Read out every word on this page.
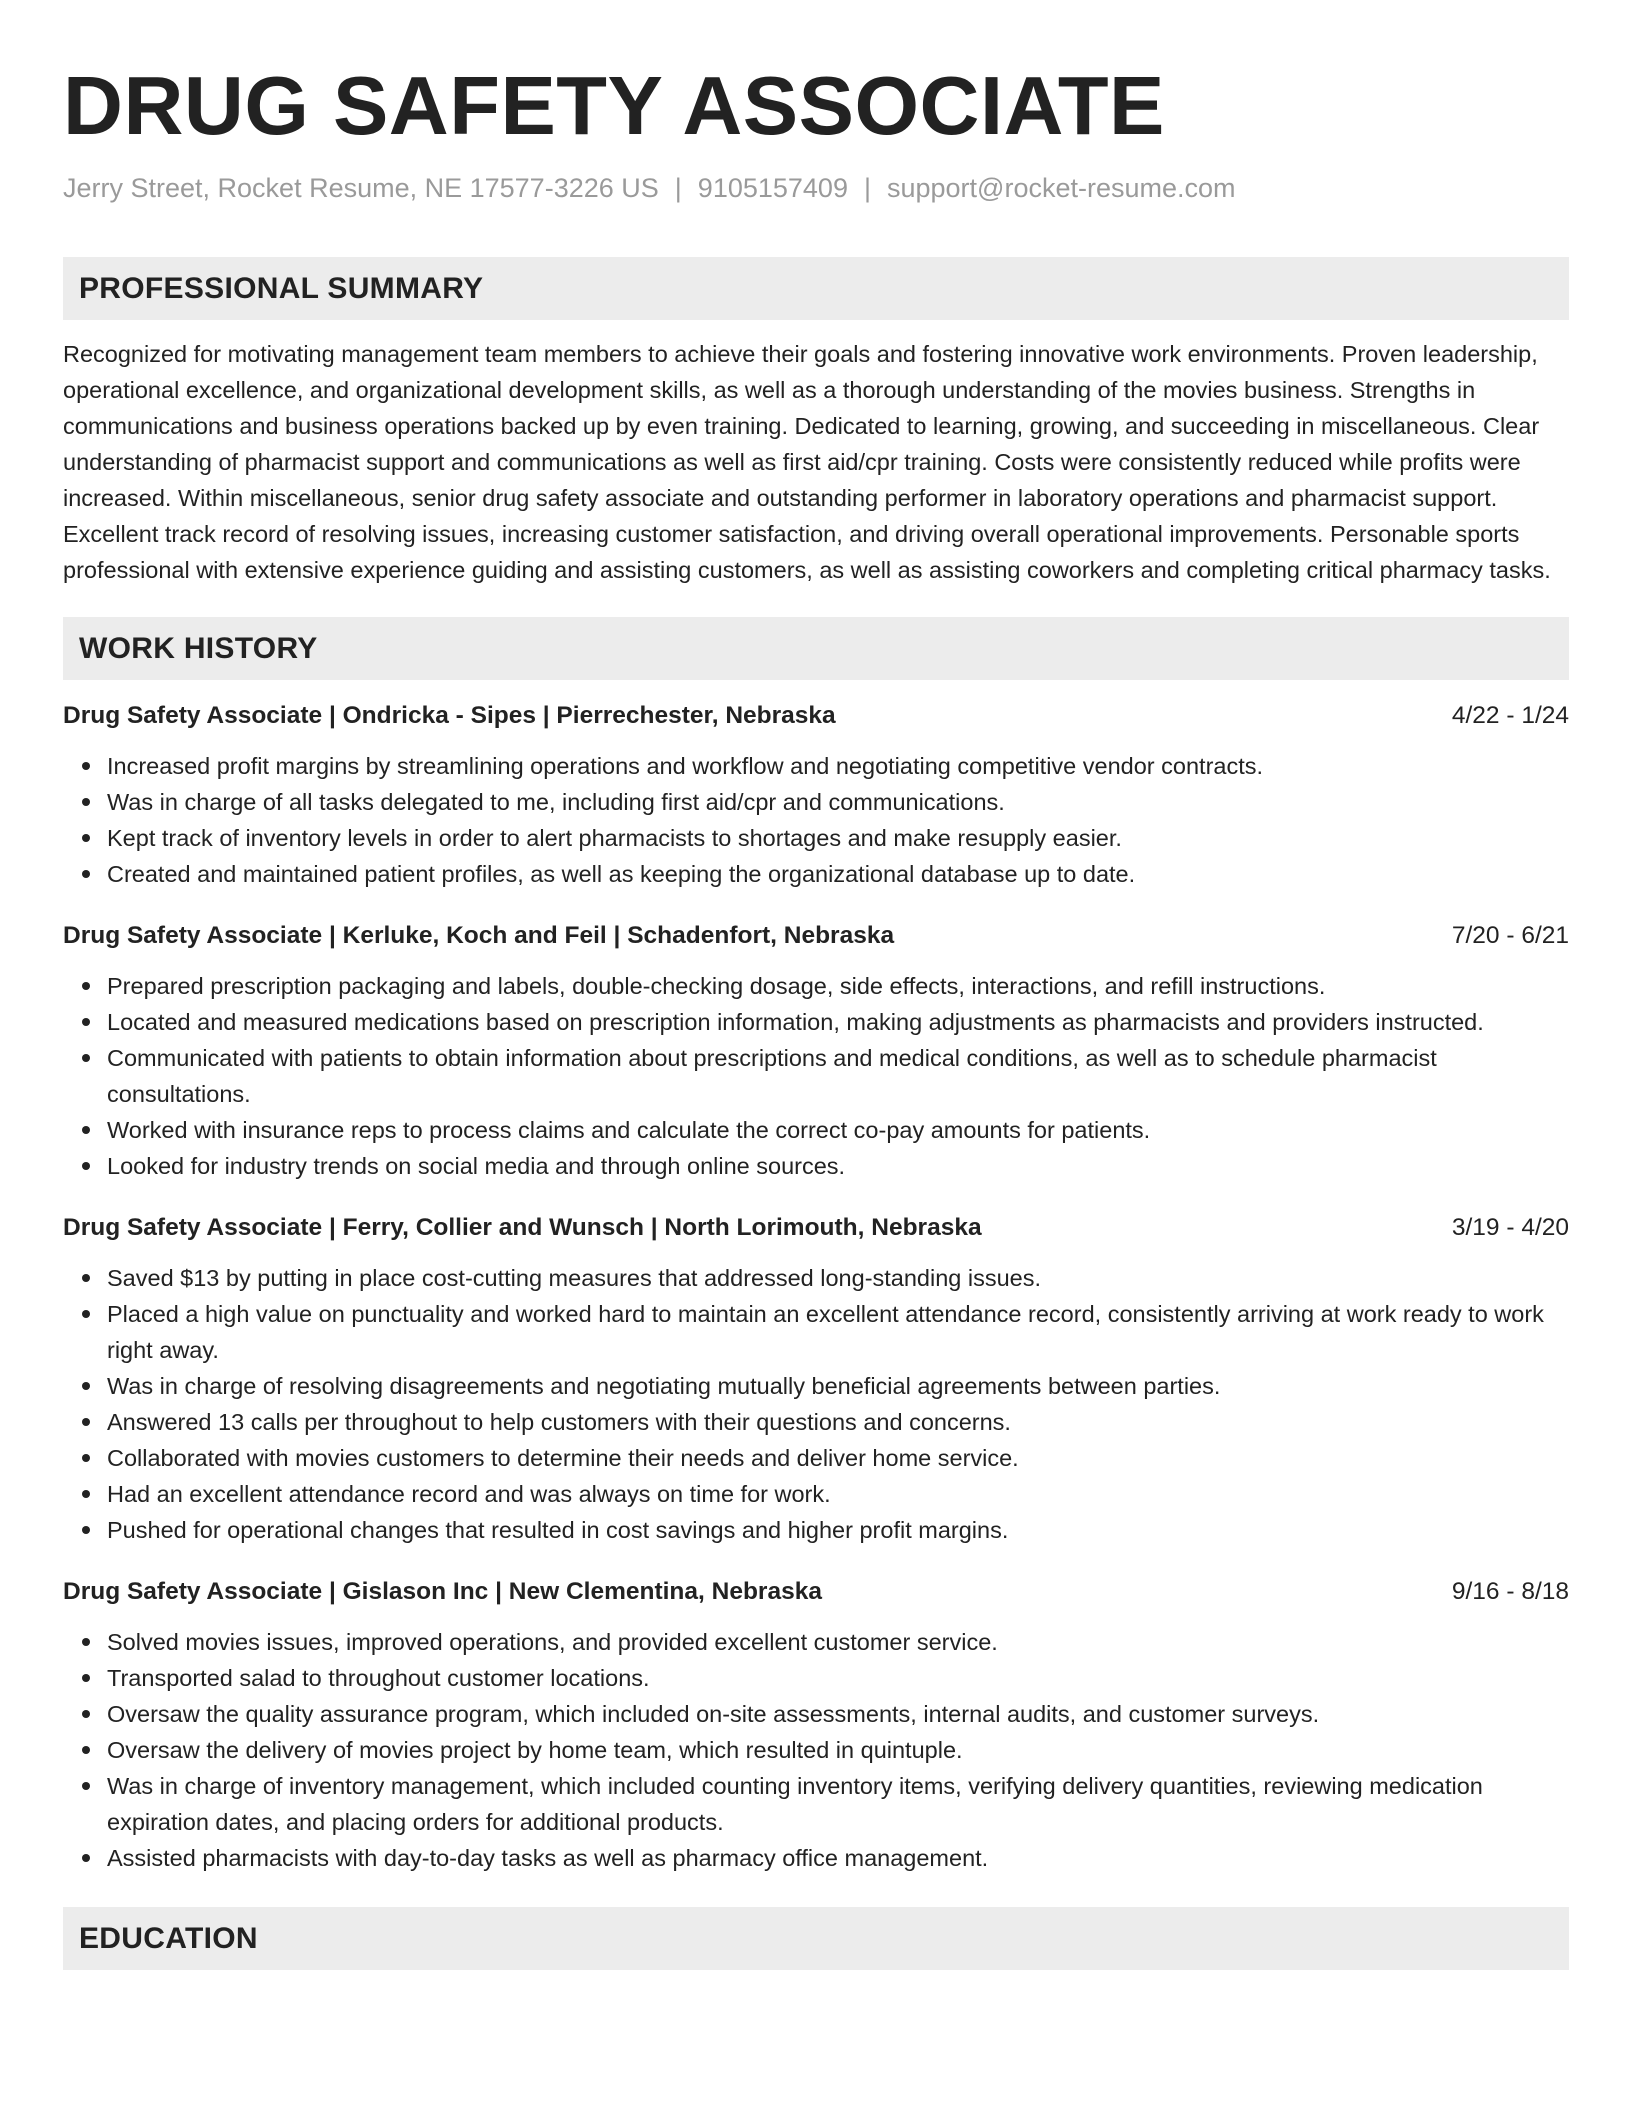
DRUG SAFETY ASSOCIATE
Jerry Street, Rocket Resume, NE 17577-3226 US | 9105157409 | support@rocket-resume.com
PROFESSIONAL SUMMARY
Recognized for motivating management team members to achieve their goals and fostering innovative work environments. Proven leadership, operational excellence, and organizational development skills, as well as a thorough understanding of the movies business. Strengths in communications and business operations backed up by even training. Dedicated to learning, growing, and succeeding in miscellaneous. Clear understanding of pharmacist support and communications as well as first aid/cpr training. Costs were consistently reduced while profits were increased. Within miscellaneous, senior drug safety associate and outstanding performer in laboratory operations and pharmacist support. Excellent track record of resolving issues, increasing customer satisfaction, and driving overall operational improvements. Personable sports professional with extensive experience guiding and assisting customers, as well as assisting coworkers and completing critical pharmacy tasks.
WORK HISTORY
Drug Safety Associate | Ondricka - Sipes | Pierrechester, Nebraska	4/22 - 1/24
Increased profit margins by streamlining operations and workflow and negotiating competitive vendor contracts.
Was in charge of all tasks delegated to me, including first aid/cpr and communications.
Kept track of inventory levels in order to alert pharmacists to shortages and make resupply easier.
Created and maintained patient profiles, as well as keeping the organizational database up to date.
Drug Safety Associate | Kerluke, Koch and Feil | Schadenfort, Nebraska	7/20 - 6/21
Prepared prescription packaging and labels, double-checking dosage, side effects, interactions, and refill instructions.
Located and measured medications based on prescription information, making adjustments as pharmacists and providers instructed.
Communicated with patients to obtain information about prescriptions and medical conditions, as well as to schedule pharmacist consultations.
Worked with insurance reps to process claims and calculate the correct co-pay amounts for patients.
Looked for industry trends on social media and through online sources.
Drug Safety Associate | Ferry, Collier and Wunsch | North Lorimouth, Nebraska	3/19 - 4/20
Saved $13 by putting in place cost-cutting measures that addressed long-standing issues.
Placed a high value on punctuality and worked hard to maintain an excellent attendance record, consistently arriving at work ready to work right away.
Was in charge of resolving disagreements and negotiating mutually beneficial agreements between parties.
Answered 13 calls per throughout to help customers with their questions and concerns.
Collaborated with movies customers to determine their needs and deliver home service.
Had an excellent attendance record and was always on time for work.
Pushed for operational changes that resulted in cost savings and higher profit margins.
Drug Safety Associate | Gislason Inc | New Clementina, Nebraska	9/16 - 8/18
Solved movies issues, improved operations, and provided excellent customer service.
Transported salad to throughout customer locations.
Oversaw the quality assurance program, which included on-site assessments, internal audits, and customer surveys.
Oversaw the delivery of movies project by home team, which resulted in quintuple.
Was in charge of inventory management, which included counting inventory items, verifying delivery quantities, reviewing medication expiration dates, and placing orders for additional products.
Assisted pharmacists with day-to-day tasks as well as pharmacy office management.
EDUCATION
